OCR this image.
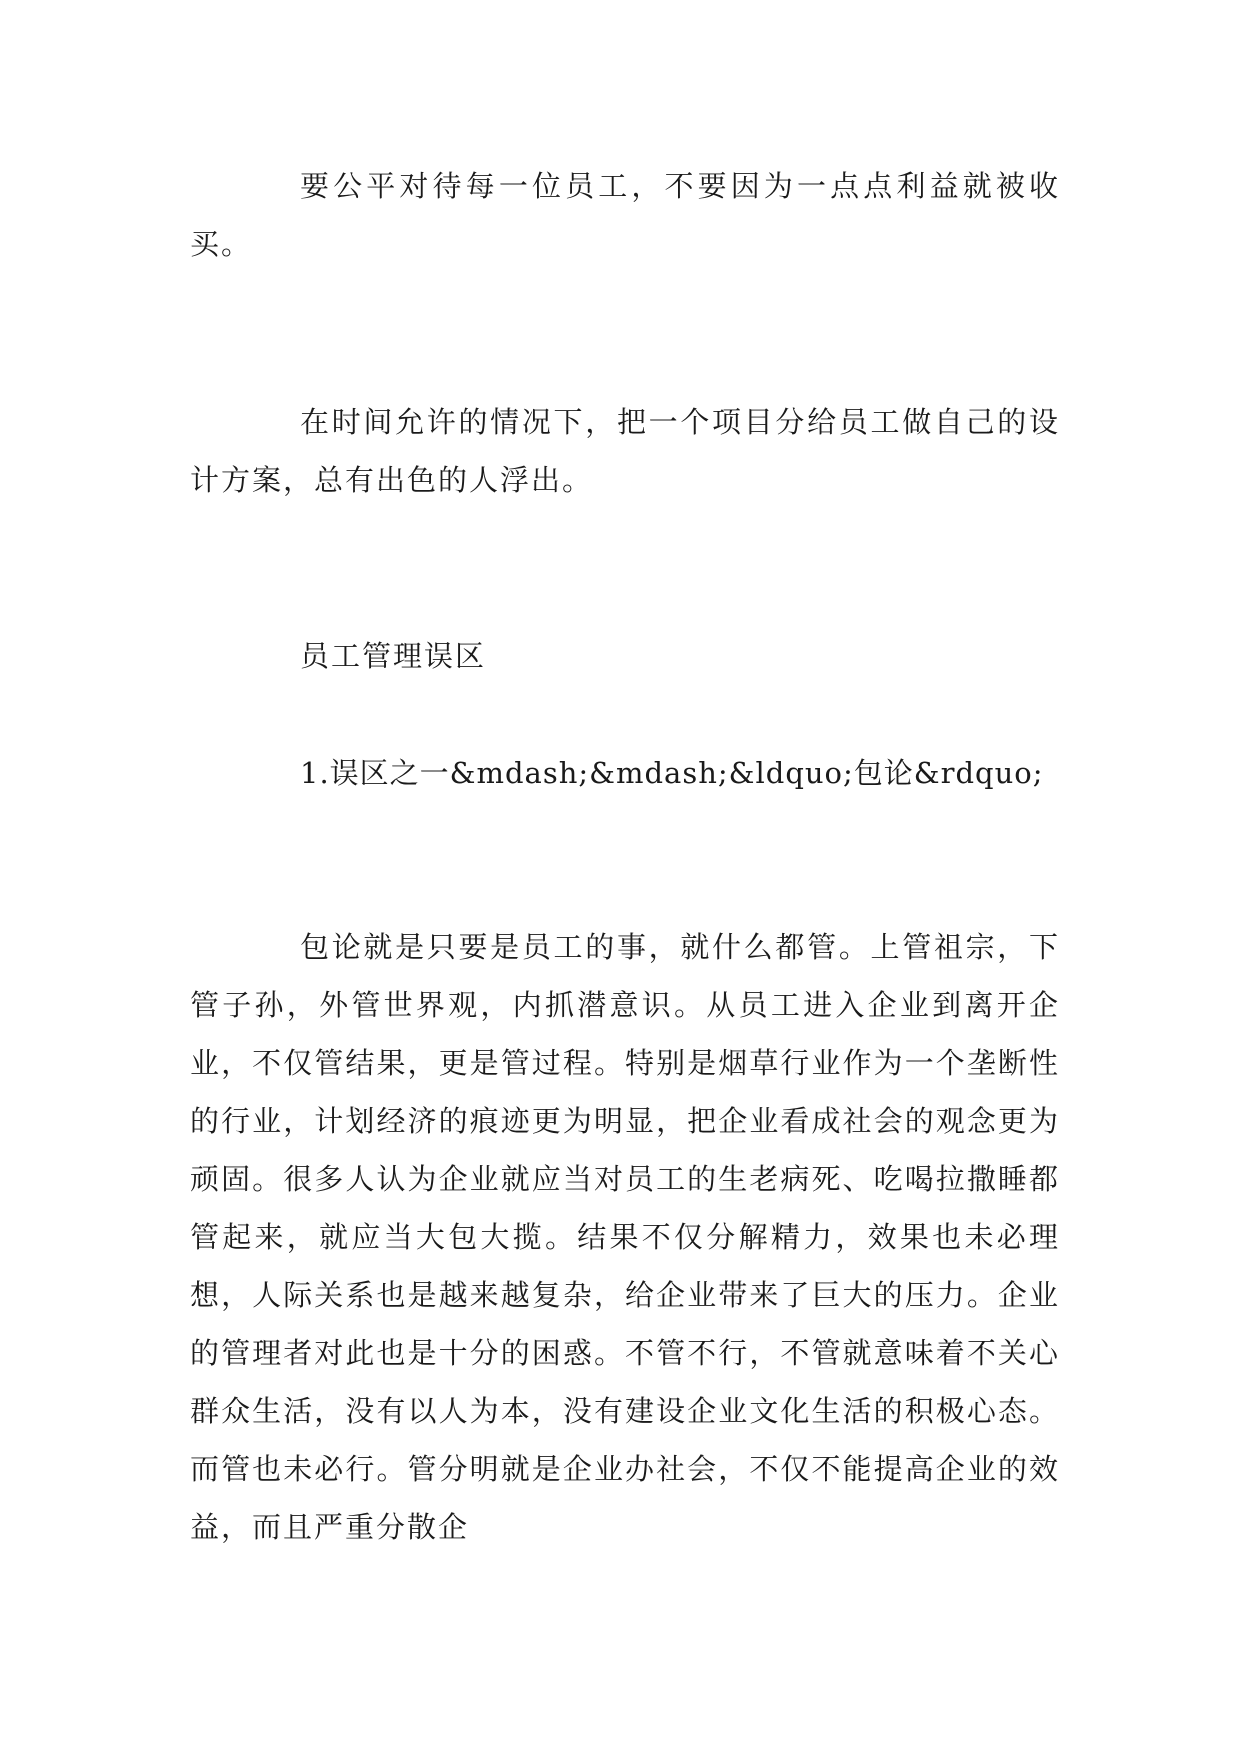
要公平对待每一位员工，不要因为一点点利益就被收买。

在时间允许的情况下，把一个项目分给员工做自己的设计方案，总有出色的人浮出。

员工管理误区

1.误区之一&mdash;&mdash;&ldquo;包论&rdquo;

包论就是只要是员工的事，就什么都管。上管祖宗，下管子孙，外管世界观，内抓潜意识。从员工进入企业到离开企业，不仅管结果，更是管过程。特别是烟草行业作为一个垄断性的行业，计划经济的痕迹更为明显，把企业看成社会的观念更为顽固。很多人认为企业就应当对员工的生老病死、吃喝拉撒睡都管起来，就应当大包大揽。结果不仅分解精力，效果也未必理想，人际关系也是越来越复杂，给企业带来了巨大的压力。企业的管理者对此也是十分的困惑。不管不行，不管就意味着不关心群众生活，没有以人为本，没有建设企业文化生活的积极心态。而管也未必行。管分明就是企业办社会，不仅不能提高企业的效益，而且严重分散企
